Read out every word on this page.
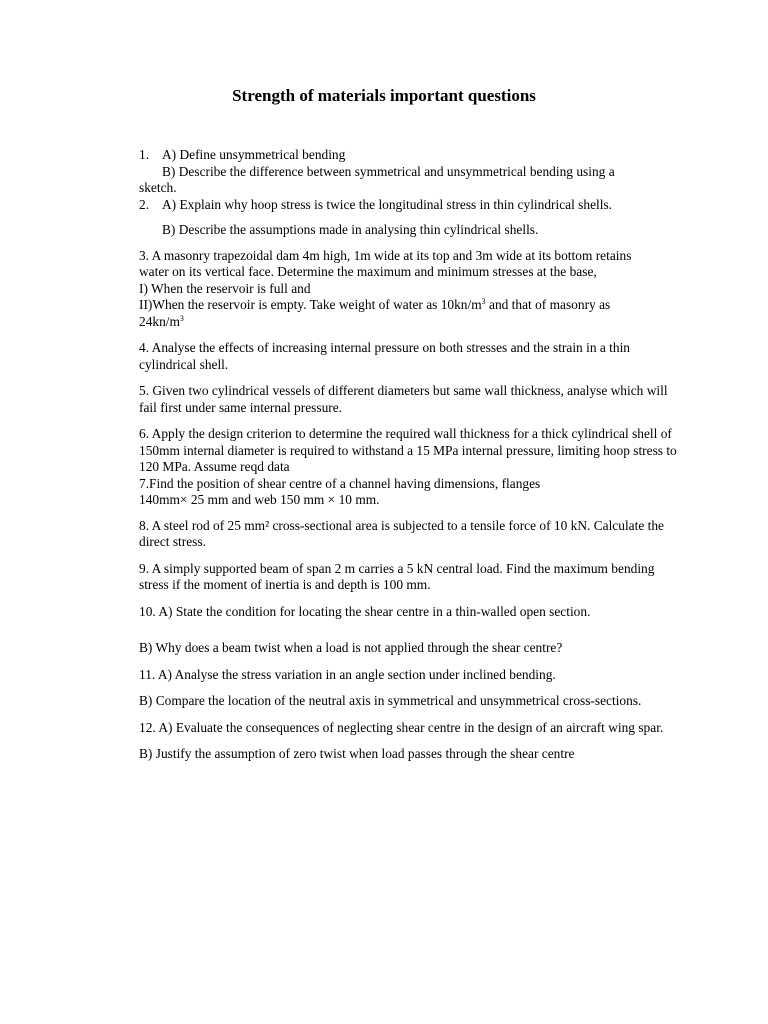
Strength of materials important questions

1. A) Define unsymmetrical bending

B) Describe the difference between symmetrical and unsymmetrical bending using a

sketch.

2. A) Explain why hoop stress is twice the longitudinal stress in thin cylindrical shells.

B) Describe the assumptions made in analysing thin cylindrical shells.

3. A masonry trapezoidal dam 4m high, 1m wide at its top and 3m wide at its bottom retains

water on its vertical face. Determine the maximum and minimum stresses at the base,

I) When the reservoir is full and

II)When the reservoir is empty. Take weight of water as $10kn/m^3$ and that of masonry as

$24kn/m^3$

4. Analyse the effects of increasing internal pressure on both stresses and the strain in a thin cylindrical shell.

5. Given two cylindrical vessels of different diameters but same wall thickness, analyse which will fail first under same internal pressure.

6. Apply the design criterion to determine the required wall thickness for a thick cylindrical shell of 150mm internal diameter is required to withstand a 15 MPa internal pressure, limiting hoop stress to 120 MPa. Assume reqd data

7.Find the position of shear centre of a channel having dimensions, flanges

140mm× 25 mm and web 150 mm × 10 mm.

8. A steel rod of 25 mm² cross-sectional area is subjected to a tensile force of 10 kN. Calculate the direct stress.

9. A simply supported beam of span 2 m carries a 5 kN central load. Find the maximum bending stress if the moment of inertia is and depth is 100 mm.

10. A) State the condition for locating the shear centre in a thin-walled open section.

B) Why does a beam twist when a load is not applied through the shear centre?

11. A) Analyse the stress variation in an angle section under inclined bending.

B) Compare the location of the neutral axis in symmetrical and unsymmetrical cross-sections.

12. A) Evaluate the consequences of neglecting shear centre in the design of an aircraft wing spar.

B) Justify the assumption of zero twist when load passes through the shear centre
